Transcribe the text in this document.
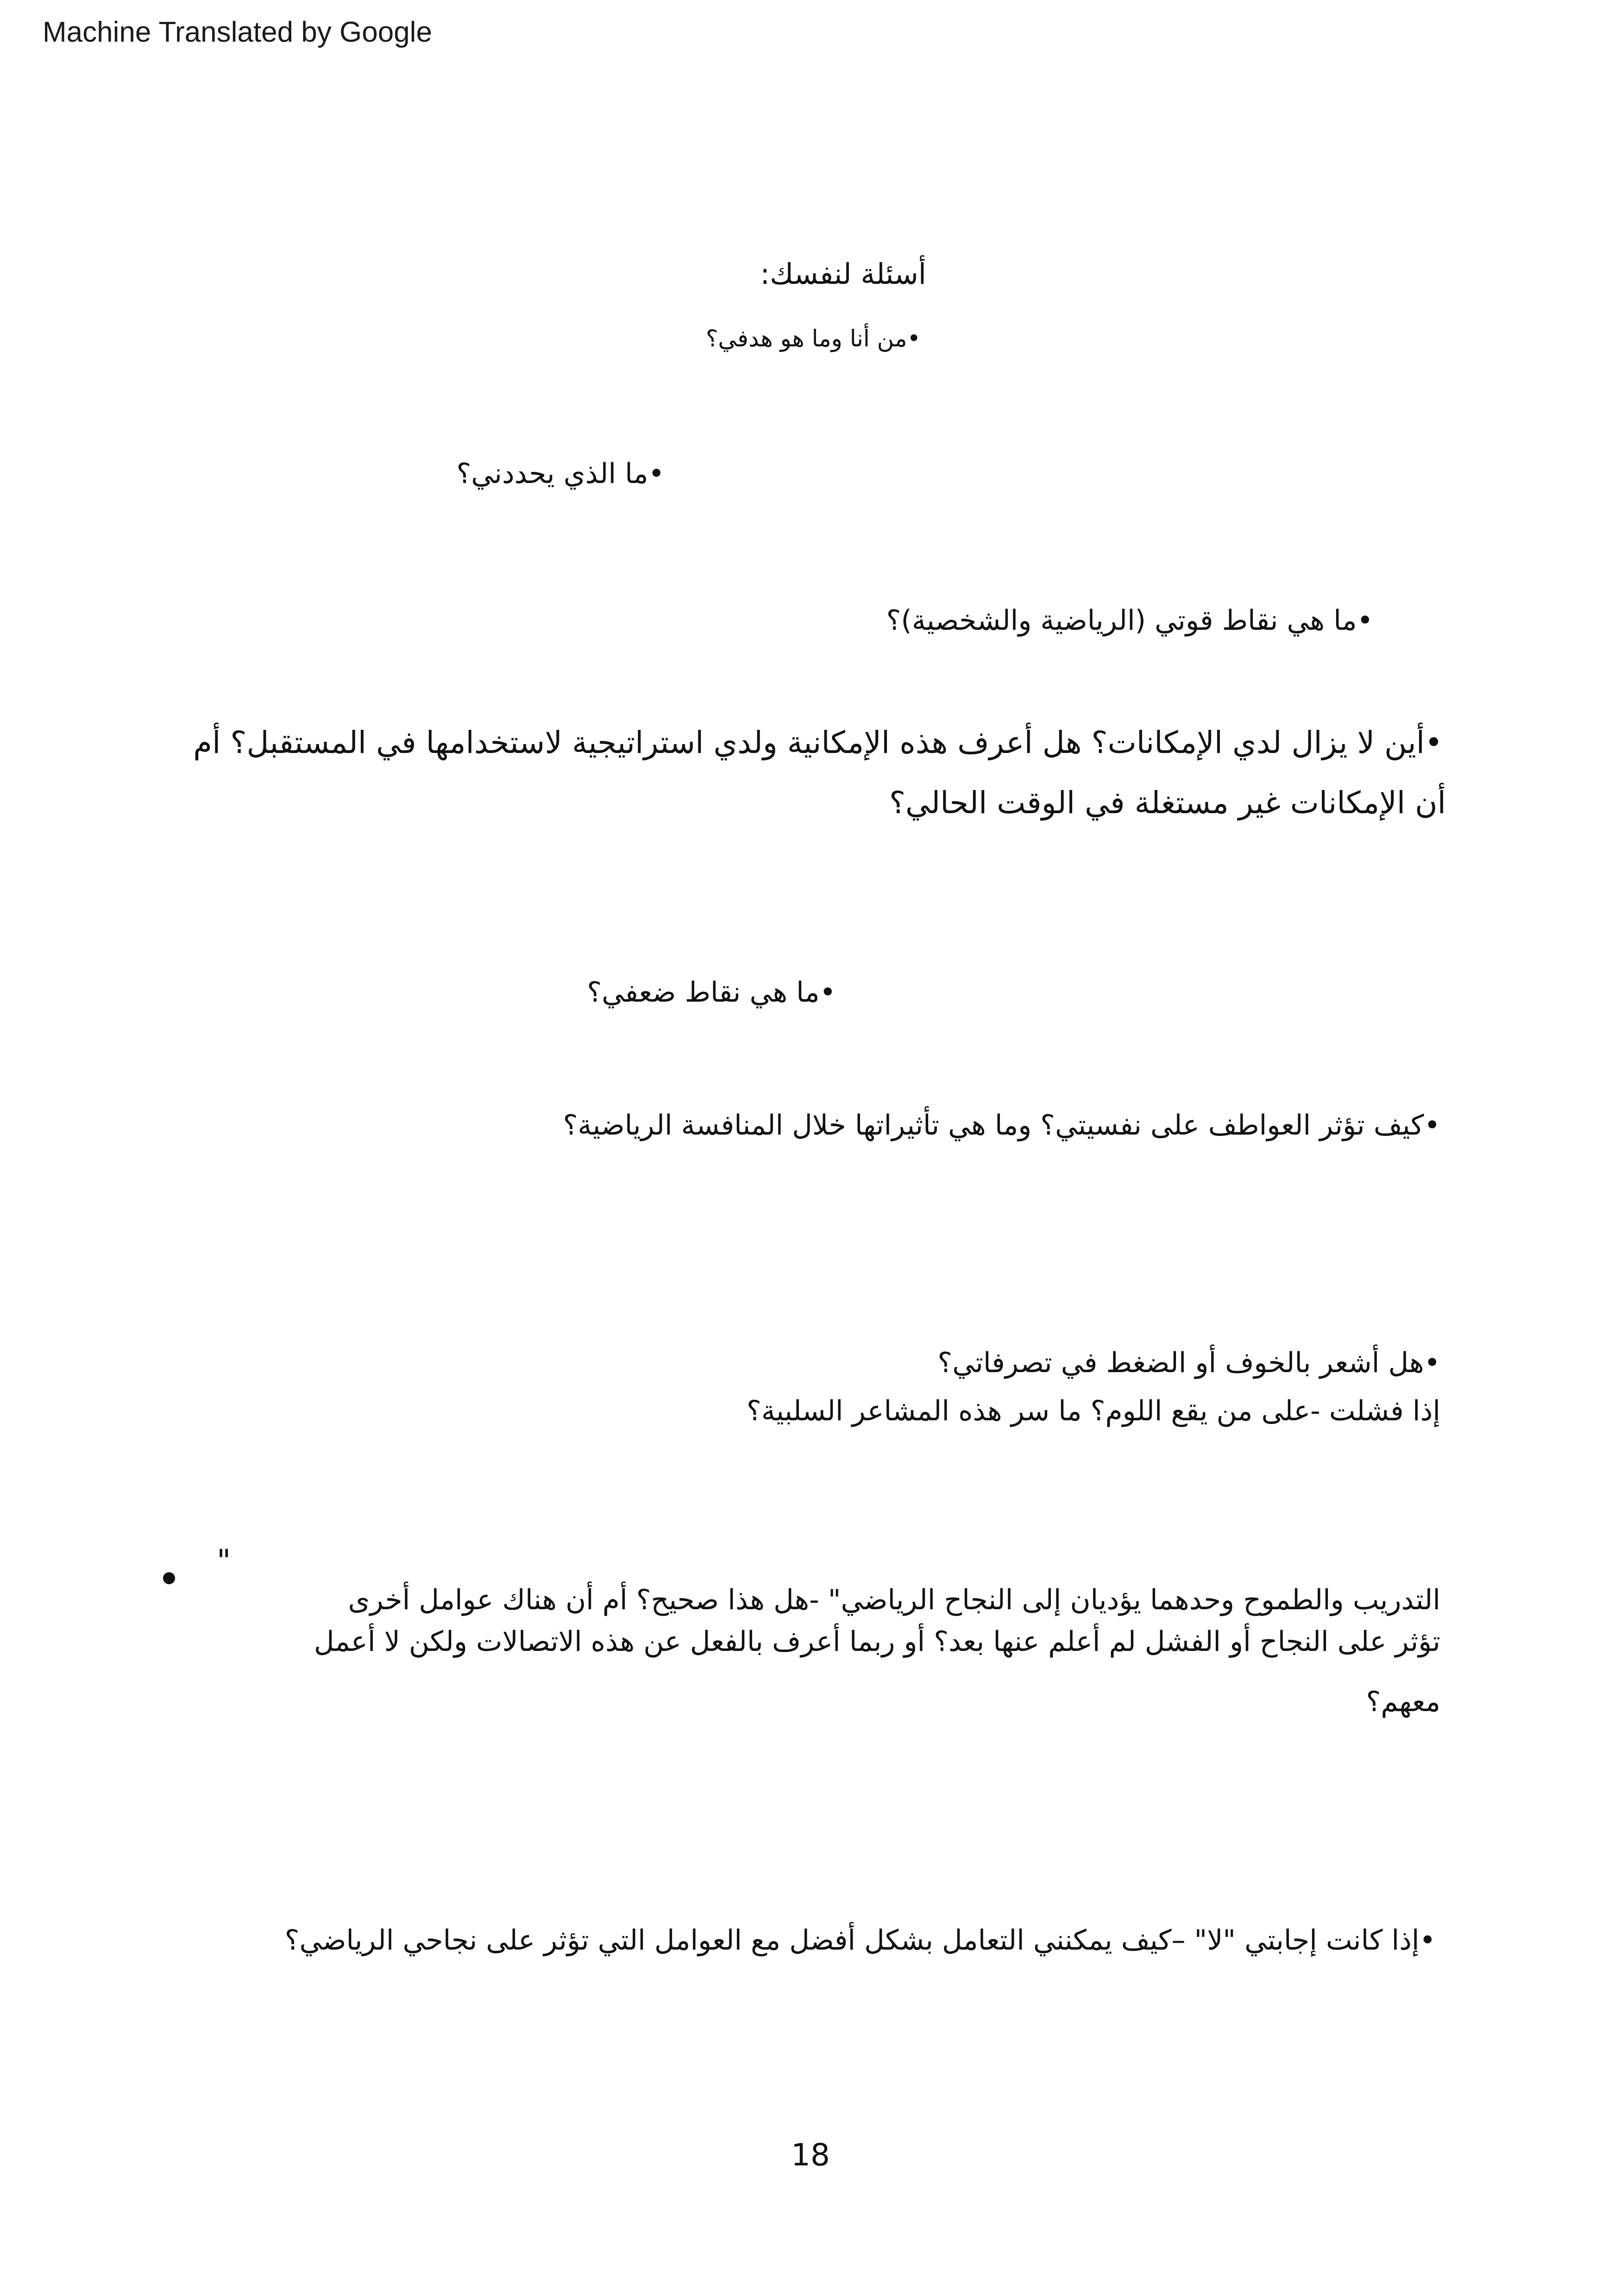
Machine Translated by Google
أسئلة لنفسك:
•من أنا وما هو هدفي؟
•ما الذي يحددني؟
•ما هي نقاط قوتي (الرياضية والشخصية)؟
•أين لا يزال لدي الإمكانات؟ هل أعرف هذه الإمكانية ولدي استراتيجية لاستخدامها في المستقبل؟ أم
أن الإمكانات غير مستغلة في الوقت الحالي؟
•ما هي نقاط ضعفي؟
•كيف تؤثر العواطف على نفسيتي؟ وما هي تأثيراتها خلال المنافسة الرياضية؟
•هل أشعر بالخوف أو الضغط في تصرفاتي؟
إذا فشلت -على من يقع اللوم؟ ما سر هذه المشاعر السلبية؟
"
التدريب والطموح وحدهما يؤديان إلى النجاح الرياضي" -هل هذا صحيح؟ أم أن هناك عوامل أخرى
تؤثر على النجاح أو الفشل لم أعلم عنها بعد؟ أو ربما أعرف بالفعل عن هذه الاتصالات ولكن لا أعمل
معهم؟
•إذا كانت إجابتي "لا" –كيف يمكنني التعامل بشكل أفضل مع العوامل التي تؤثر على نجاحي الرياضي؟
18
